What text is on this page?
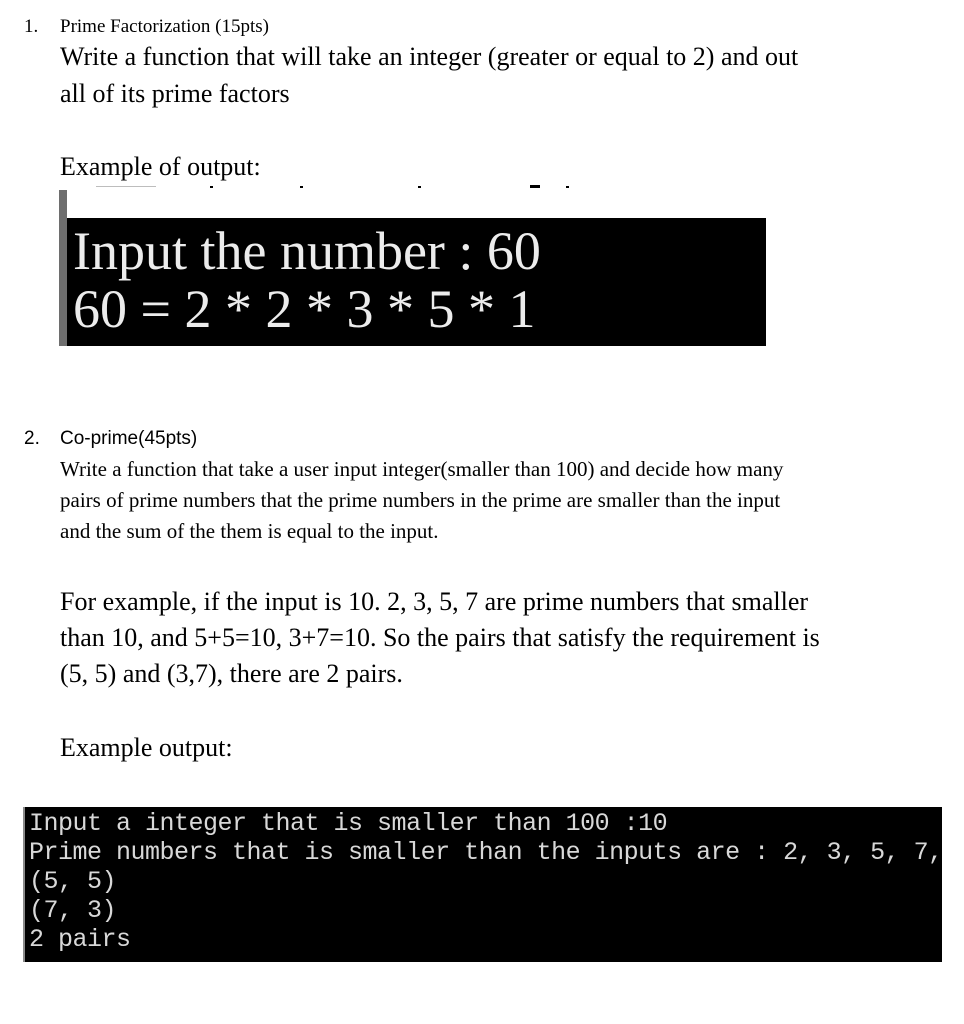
1. Prime Factorization (15pts)
Write a function that will take an integer (greater or equal to 2) and out
all of its prime factors
Example of output:
Input the number : 60
60 = 2 * 2 * 3 * 5 * 1
2. Co-prime(45pts)
Write a function that take a user input integer(smaller than 100) and decide how many
pairs of prime numbers that the prime numbers in the prime are smaller than the input
and the sum of the them is equal to the input.
For example, if the input is 10. 2, 3, 5, 7 are prime numbers that smaller
than 10, and 5+5=10, 3+7=10. So the pairs that satisfy the requirement is
(5, 5) and (3,7), there are 2 pairs.
Example output:
Input a integer that is smaller than 100 :10
Prime numbers that is smaller than the inputs are : 2, 3, 5, 7,
(5, 5)
(7, 3)
2 pairs
